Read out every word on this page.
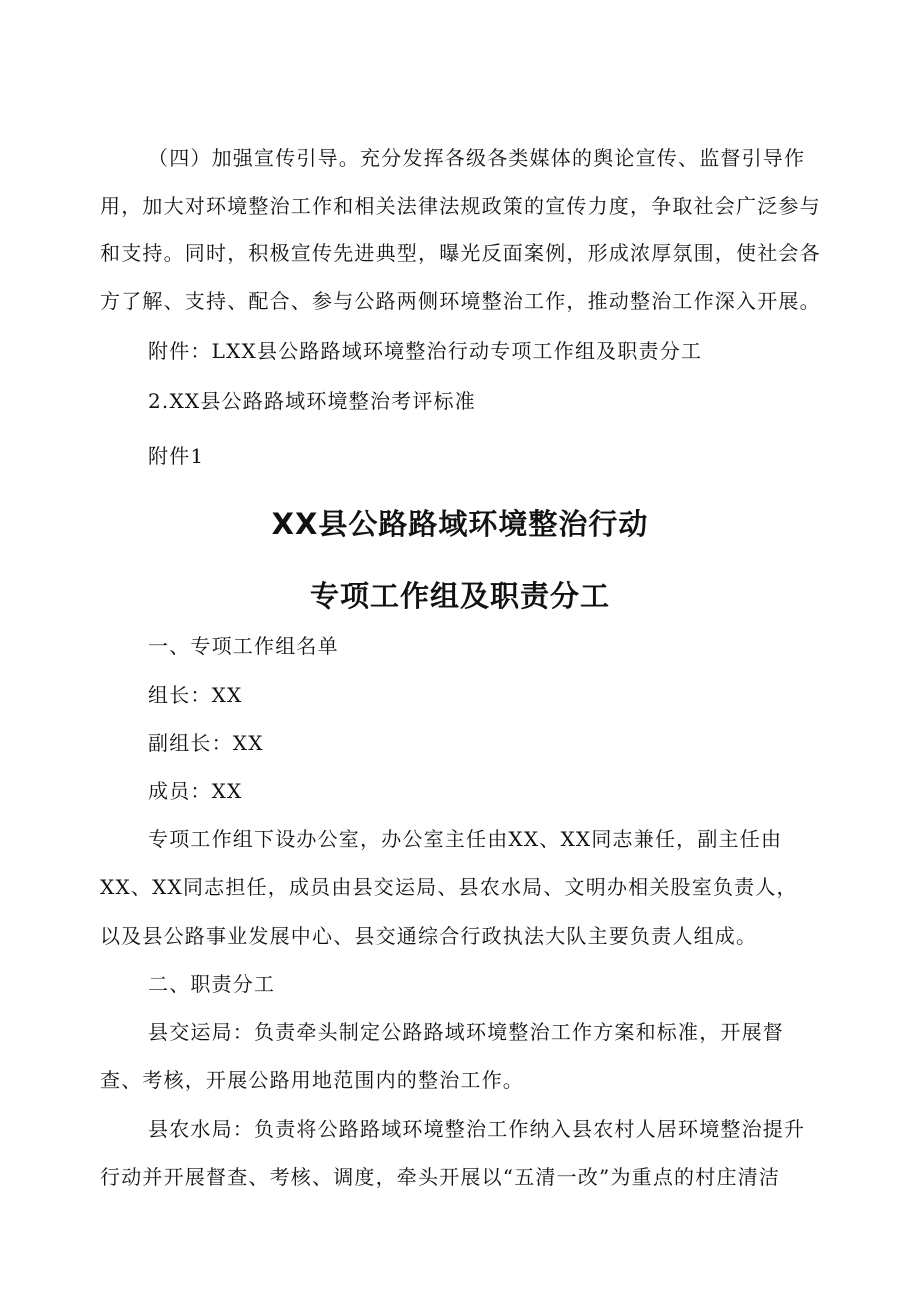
（四）加强宣传引导。充分发挥各级各类媒体的舆论宣传、监督引导作
用，加大对环境整治工作和相关法律法规政策的宣传力度，争取社会广泛参与
和支持。同时，积极宣传先进典型，曝光反面案例，形成浓厚氛围，使社会各
方了解、支持、配合、参与公路两侧环境整治工作，推动整治工作深入开展。
附件：LXX县公路路域环境整治行动专项工作组及职责分工
2.XX县公路路域环境整治考评标准
附件1
XX县公路路域环境整治行动
专项工作组及职责分工
一、专项工作组名单
组长：XX
副组长：XX
成员：XX
专项工作组下设办公室，办公室主任由XX、XX同志兼任，副主任由
XX、XX同志担任，成员由县交运局、县农水局、文明办相关股室负责人，
以及县公路事业发展中心、县交通综合行政执法大队主要负责人组成。
二、职责分工
县交运局：负责牵头制定公路路域环境整治工作方案和标准，开展督
查、考核，开展公路用地范围内的整治工作。
县农水局：负责将公路路域环境整治工作纳入县农村人居环境整治提升
行动并开展督查、考核、调度，牵头开展以“五清一改”为重点的村庄清洁
